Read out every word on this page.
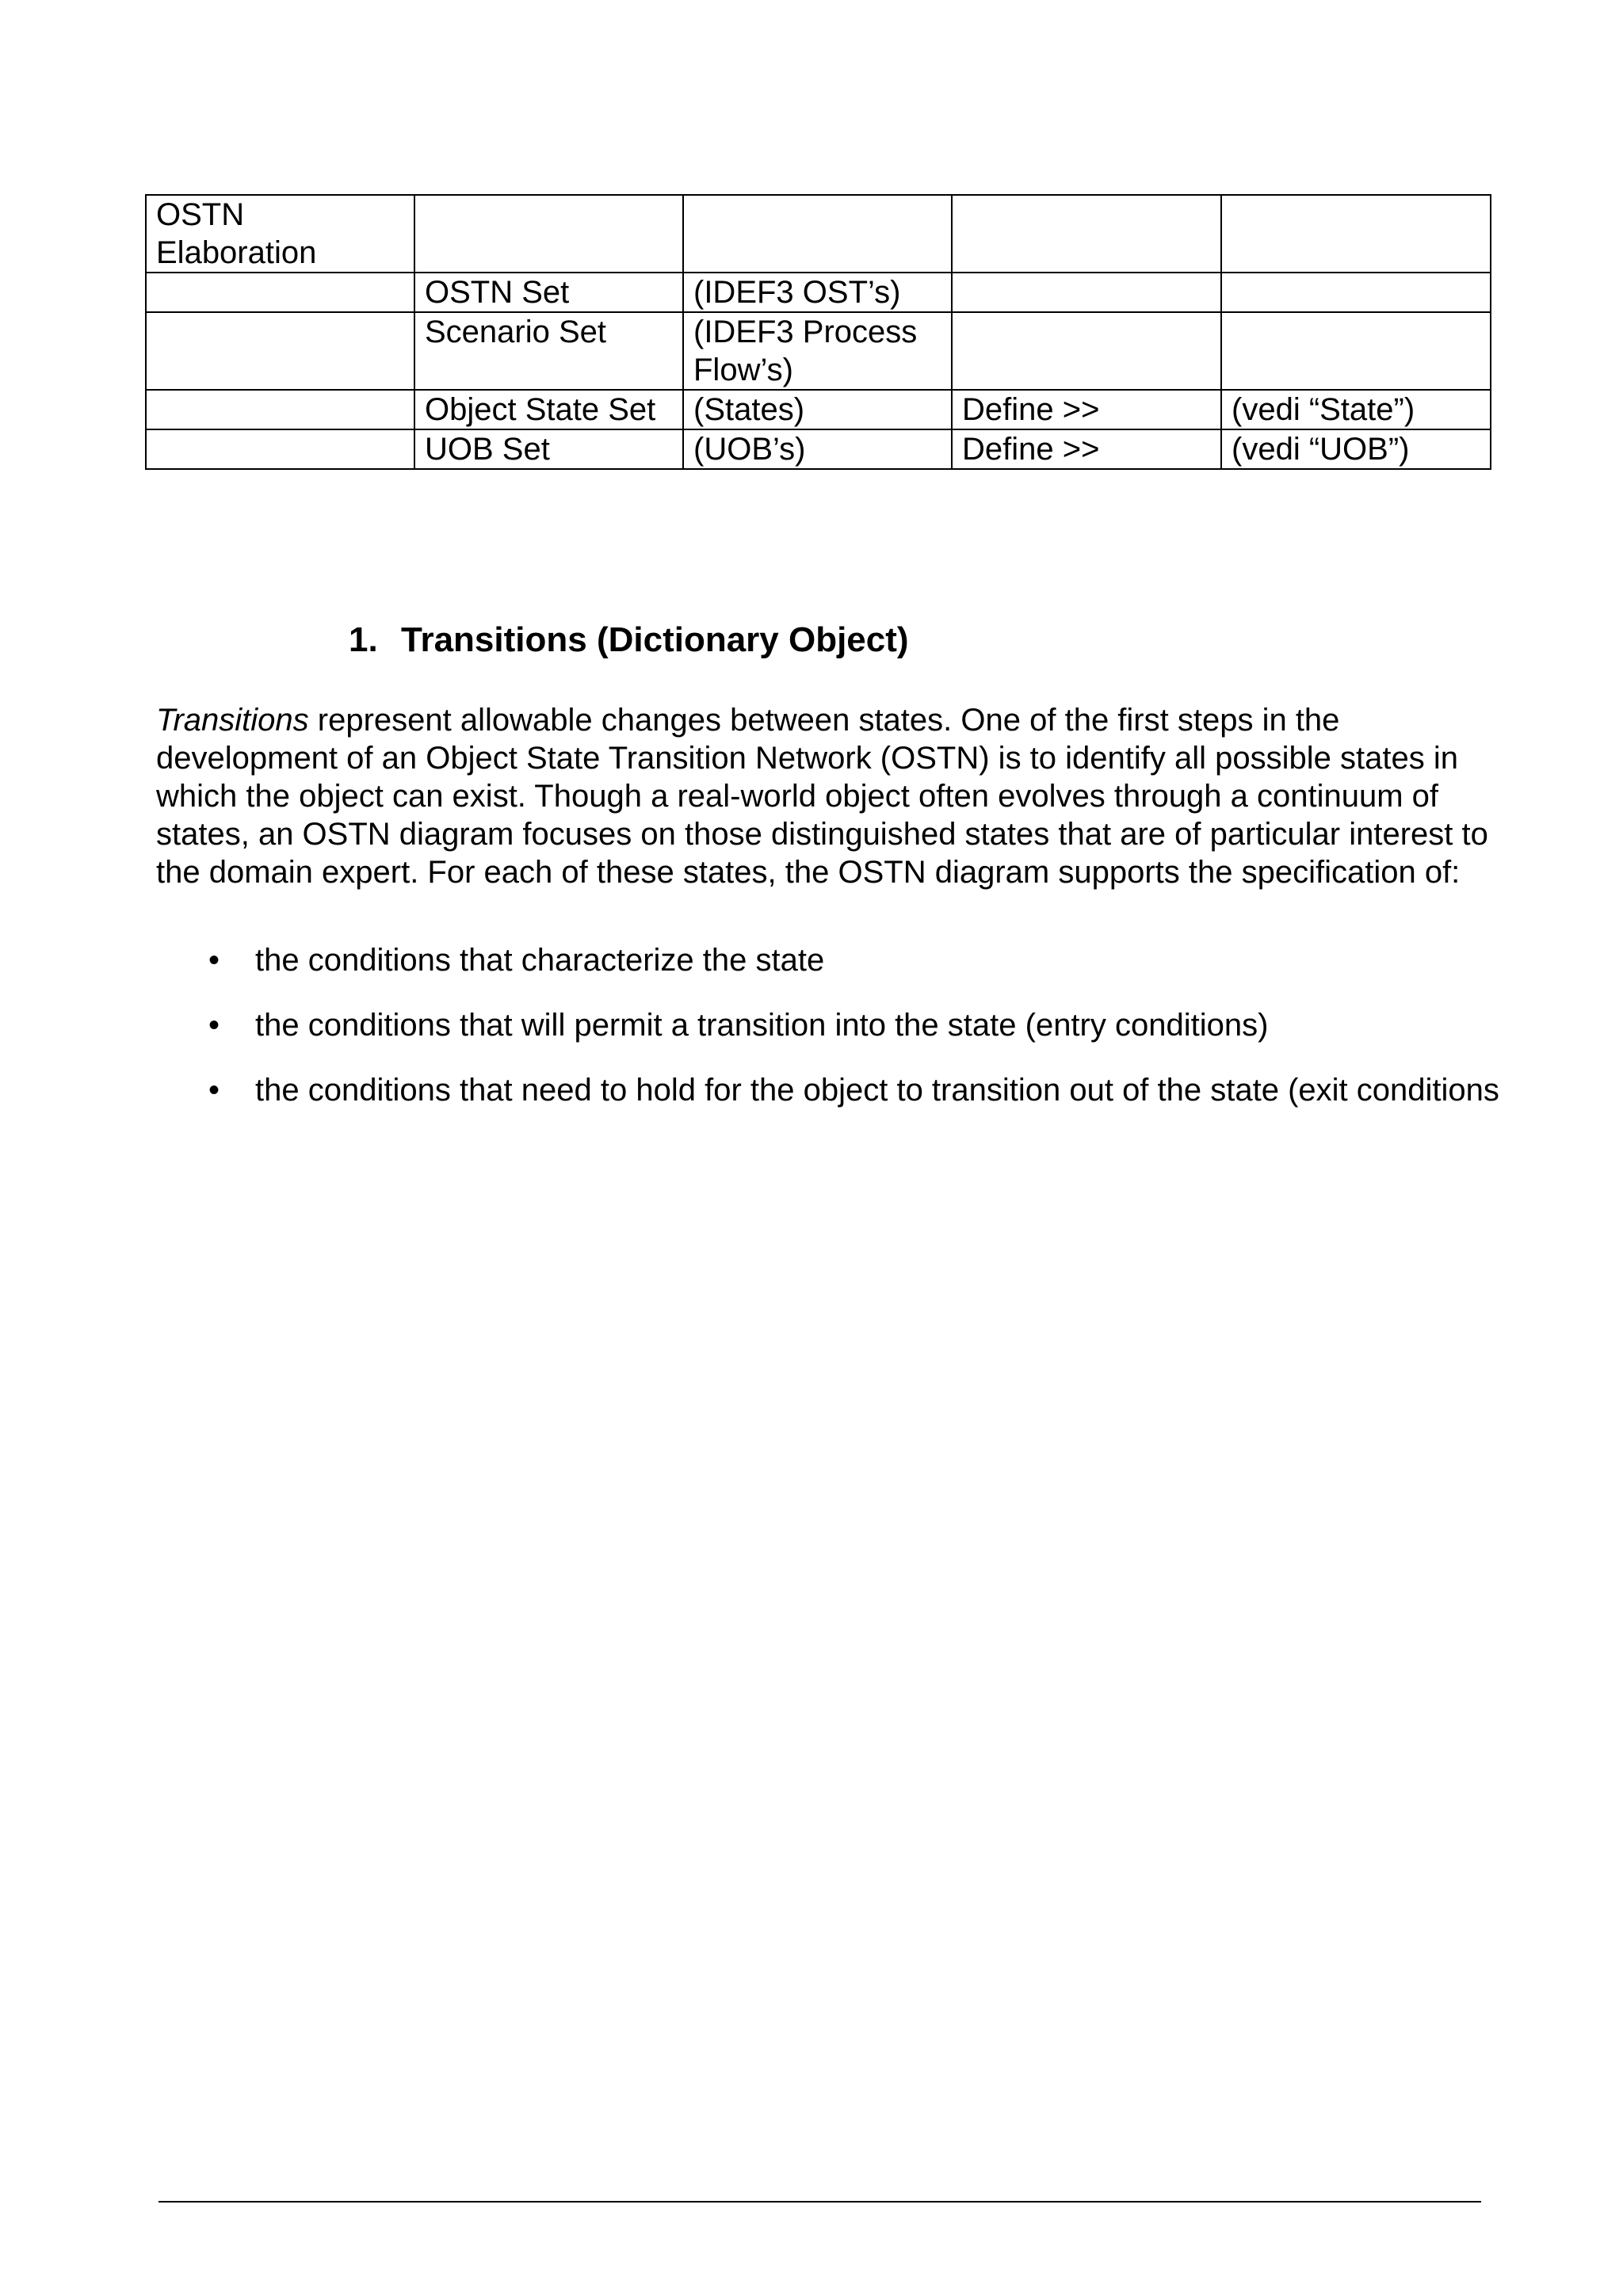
OSTN Elaboration				
	OSTN Set	(IDEF3 OST’s)		
	Scenario Set	(IDEF3 Process Flow’s)		
	Object State Set	(States)	Define >>	(vedi “State”)
	UOB Set	(UOB’s)	Define >>	(vedi “UOB”)
1. Transitions (Dictionary Object)

Transitions represent allowable changes between states. One of the first steps in the development of an Object State Transition Network (OSTN) is to identify all possible states in which the object can exist. Though a real-world object often evolves through a continuum of states, an OSTN diagram focuses on those distinguished states that are of particular interest to the domain expert. For each of these states, the OSTN diagram supports the specification of:

• the conditions that characterize the state
• the conditions that will permit a transition into the state (entry conditions)
• the conditions that need to hold for the object to transition out of the state (exit conditions
